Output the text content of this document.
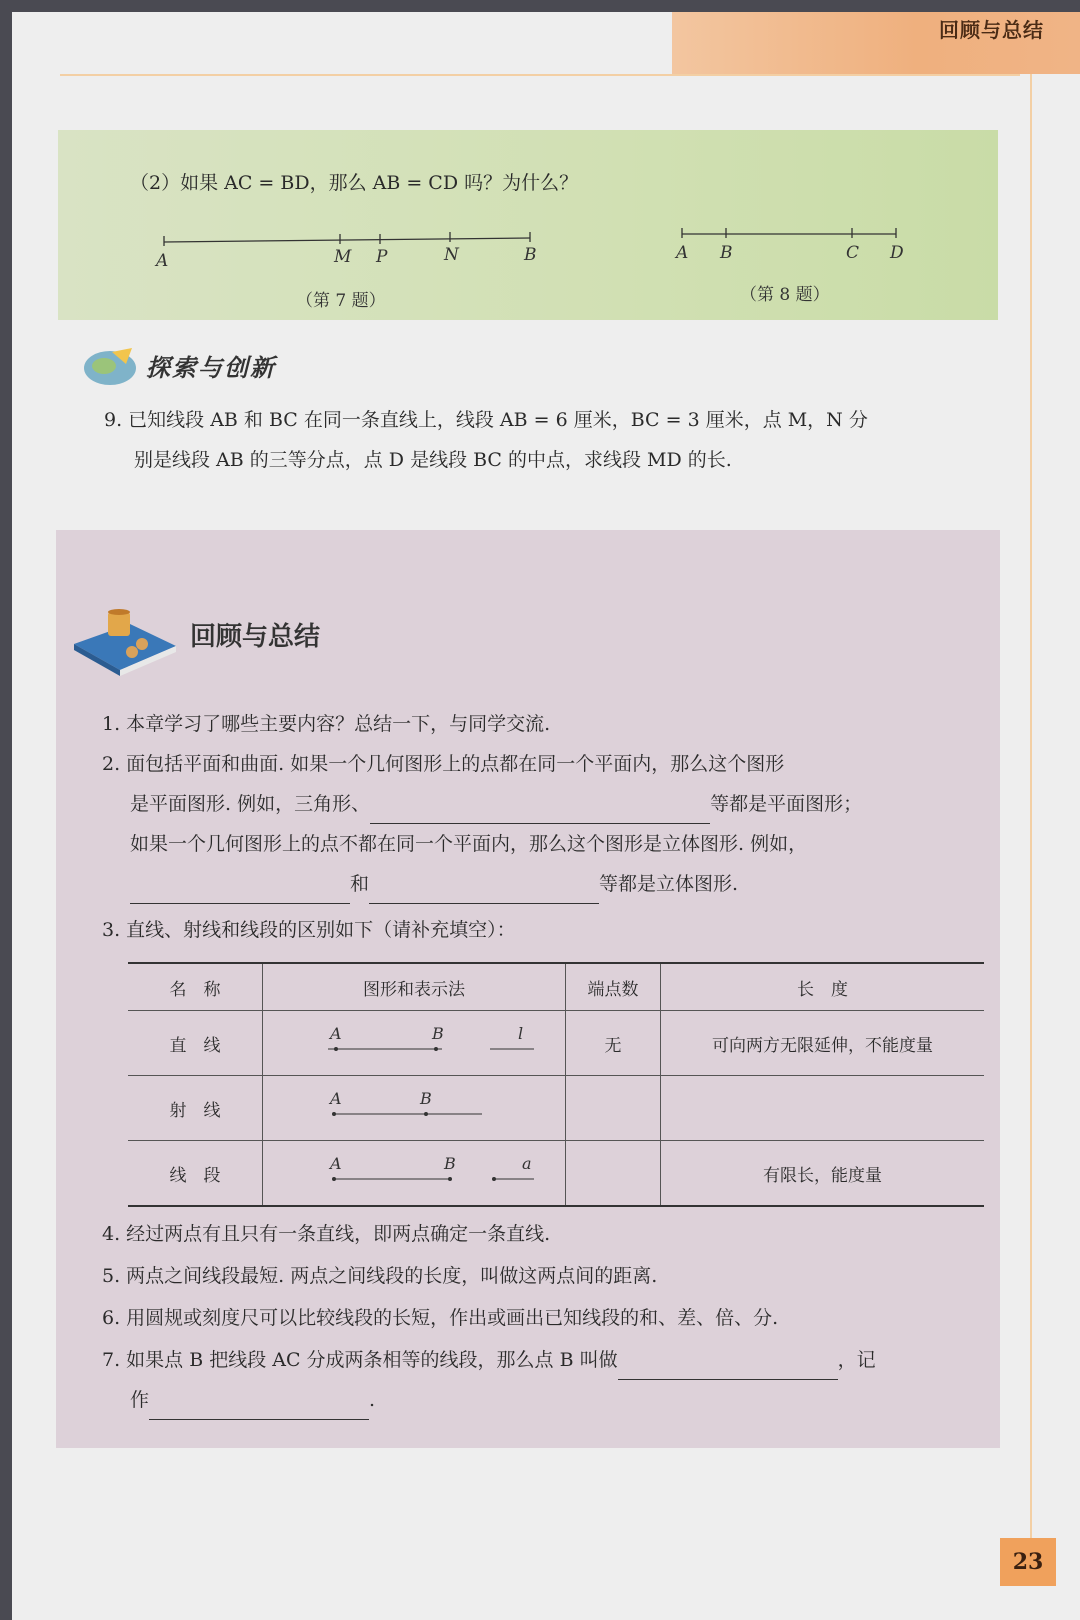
回顾与总结
（2）如果 AC = BD，那么 AB = CD 吗？为什么？
A	M P	N	B
（第 7 题）
A B	C D
（第 8 题）
探索与创新
9. 已知线段 AB 和 BC 在同一条直线上，线段 AB = 6 厘米，BC = 3 厘米，点 M，N 分
别是线段 AB 的三等分点，点 D 是线段 BC 的中点，求线段 MD 的长.
回顾与总结
1. 本章学习了哪些主要内容？总结一下，与同学交流.
2. 面包括平面和曲面. 如果一个几何图形上的点都在同一个平面内，那么这个图形
是平面图形. 例如，三角形、	等都是平面图形；
如果一个几何图形上的点不都在同一个平面内，那么这个图形是立体图形. 例如，
和	等都是立体图形.
3. 直线、射线和线段的区别如下（请补充填空）：
名　称	图形和表示法	端点数	长　度
直　线	A B l	无	可向两方无限延伸，不能度量
射　线	A B		

线　段	A B a		有限长，能度量
4. 经过两点有且只有一条直线，即两点确定一条直线.
5. 两点之间线段最短. 两点之间线段的长度，叫做这两点间的距离.
6. 用圆规或刻度尺可以比较线段的长短，作出或画出已知线段的和、差、倍、分.
7. 如果点 B 把线段 AC 分成两条相等的线段，那么点 B 叫做	，记
作	.
23
